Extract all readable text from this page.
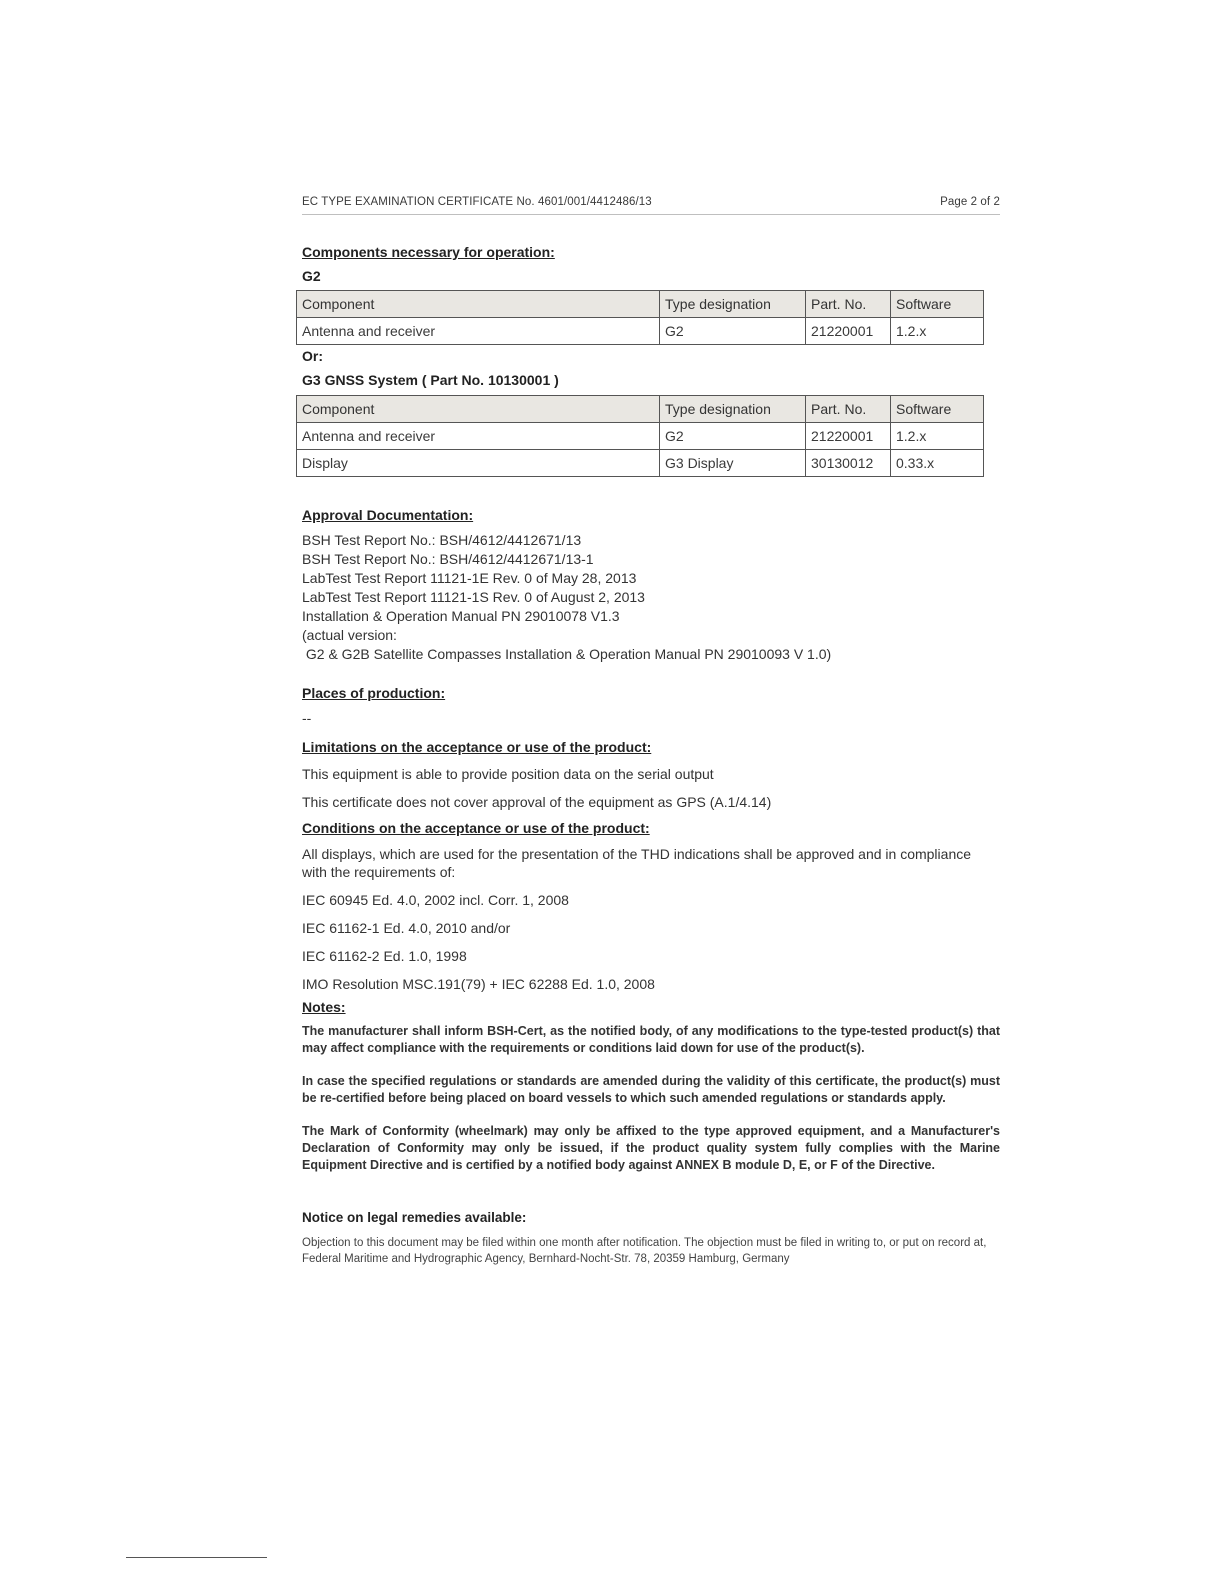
EC TYPE EXAMINATION CERTIFICATE No. 4601/001/4412486/13	Page 2 of 2

Components necessary for operation:

G2

Component	Type designation	Part. No.	Software
Antenna and receiver	G2	21220001	1.2.x

Or:

G3 GNSS System ( Part No. 10130001 )

Component	Type designation	Part. No.	Software
Antenna and receiver	G2	21220001	1.2.x
Display	G3 Display	30130012	0.33.x

Approval Documentation:

BSH Test Report No.: BSH/4612/4412671/13

BSH Test Report No.: BSH/4612/4412671/13-1

LabTest Test Report 11121-1E Rev. 0 of May 28, 2013

LabTest Test Report 11121-1S Rev. 0 of August 2, 2013

Installation & Operation Manual PN 29010078 V1.3

(actual version:

G2 & G2B Satellite Compasses Installation & Operation Manual PN 29010093 V 1.0)

Places of production:

--

Limitations on the acceptance or use of the product:

This equipment is able to provide position data on the serial output

This certificate does not cover approval of the equipment as GPS (A.1/4.14)

Conditions on the acceptance or use of the product:

All displays, which are used for the presentation of the THD indications shall be approved and in compliance with the requirements of:

IEC 60945 Ed. 4.0, 2002 incl. Corr. 1, 2008

IEC 61162-1 Ed. 4.0, 2010 and/or

IEC 61162-2 Ed. 1.0, 1998

IMO Resolution MSC.191(79) + IEC 62288 Ed. 1.0, 2008

Notes:

The manufacturer shall inform BSH-Cert, as the notified body, of any modifications to the type-tested product(s) that may affect compliance with the requirements or conditions laid down for use of the product(s).

In case the specified regulations or standards are amended during the validity of this certificate, the product(s) must be re-certified before being placed on board vessels to which such amended regulations or standards apply.

The Mark of Conformity (wheelmark) may only be affixed to the type approved equipment, and a Manufacturer's Declaration of Conformity may only be issued, if the product quality system fully complies with the Marine Equipment Directive and is certified by a notified body against ANNEX B module D, E, or F of the Directive.

Notice on legal remedies available:

Objection to this document may be filed within one month after notification. The objection must be filed in writing to, or put on record at, Federal Maritime and Hydrographic Agency, Bernhard-Nocht-Str. 78, 20359 Hamburg, Germany
